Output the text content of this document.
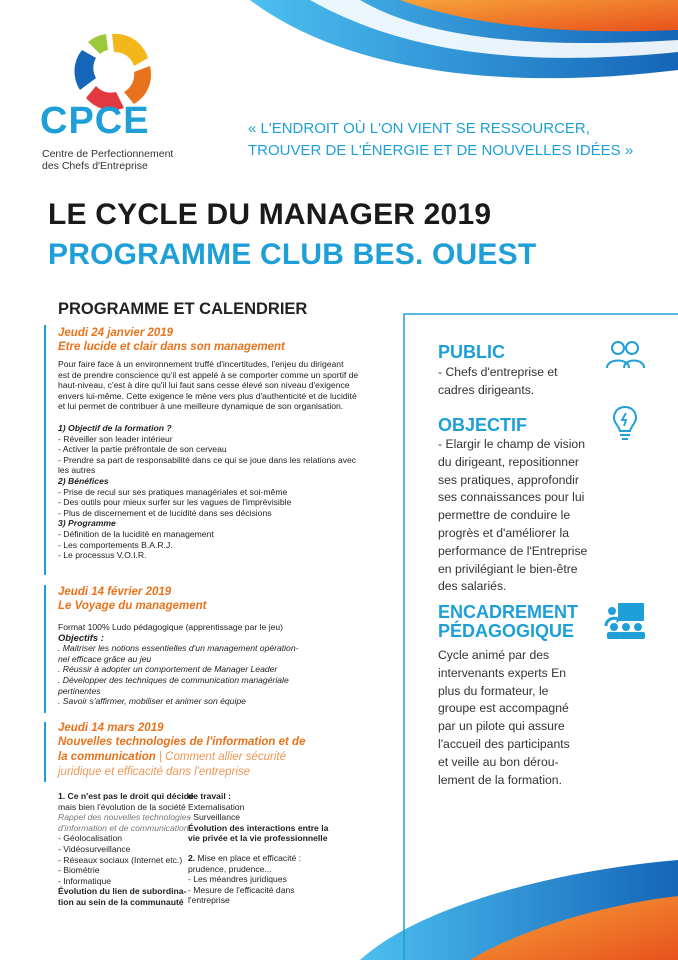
CPCE
Centre de Perfectionnement
des Chefs d'Entreprise
« L'ENDROIT OÙ L'ON VIENT SE RESSOURCER,
TROUVER DE L'ÉNERGIE ET DE NOUVELLES IDÉES »
LE CYCLE DU MANAGER 2019
PROGRAMME CLUB BES. OUEST
PROGRAMME ET CALENDRIER
Jeudi 24 janvier 2019
Etre lucide et clair dans son management

Pour faire face à un environnement truffé d'incertitudes, l'enjeu du dirigeant

est de prendre conscience qu'il est appelé à se comporter comme un sportif de

haut-niveau, c'est à dire qu'il lui faut sans cesse élevé son niveau d'exigence

envers lui-même. Cette exigence le mène vers plus d'authenticité et de lucidité

et lui permet de contribuer à une meilleure dynamique de son organisation.

1) Objectif de la formation ?

- Réveiller son leader intérieur

- Activer la partie préfrontale de son cerveau

- Prendre sa part de responsabilité dans ce qui se joue dans les relations avec

les autres

2) Bénéfices

- Prise de recul sur ses pratiques managériales et soi-même

- Des outils pour mieux surfer sur les vagues de l'imprévisible

- Plus de discernement et de lucidité dans ses décisions

3) Programme

- Définition de la lucidité en management

- Les comportements B.A.R.J.

- Le processus V.O.I.R.

Jeudi 14 février 2019
Le Voyage du management

Format 100% Ludo pédagogique (apprentissage par le jeu)

Objectifs :

. Maitriser les notions essentielles d'un management opération-

nel efficace grâce au jeu

. Réussir à adopter un comportement de Manager Leader

. Développer des techniques de communication managériale

pertinentes

. Savoir s'affirmer, mobiliser et animer son équipe

Jeudi 14 mars 2019
Nouvelles technologies de l'information et de
la communication | Comment allier sécurité
juridique et efficacité dans l'entreprise

1. Ce n'est pas le droit qui décide

mais bien l'évolution de la société

Rappel des nouvelles technologies

d'information et de communication

- Géolocalisation

- Vidéosurveillance

- Réseaux sociaux (Internet etc.)

- Biométrie

- Informatique

Évolution du lien de subordina-

tion au sein de la communauté

de travail :

Externalisation

- Surveillance

Évolution des interactions entre la

vie privée et la vie professionnelle

2. Mise en place et efficacité :

prudence, prudence...

- Les méandres juridiques

- Mesure de l'efficacité dans

l'entreprise

PUBLIC
- Chefs d'entreprise et
cadres dirigeants.
OBJECTIF
- Elargir le champ de vision
du dirigeant, repositionner
ses pratiques, approfondir
ses connaissances pour lui
permettre de conduire le
progrès et d'améliorer la
performance de l'Entreprise
en privilégiant le bien-être
des salariés.
ENCADREMENT
PÉDAGOGIQUE
Cycle animé par des
intervenants experts En
plus du formateur, le
groupe est accompagné
par un pilote qui assure
l'accueil des participants
et veille au bon dérou-
lement de la formation.
